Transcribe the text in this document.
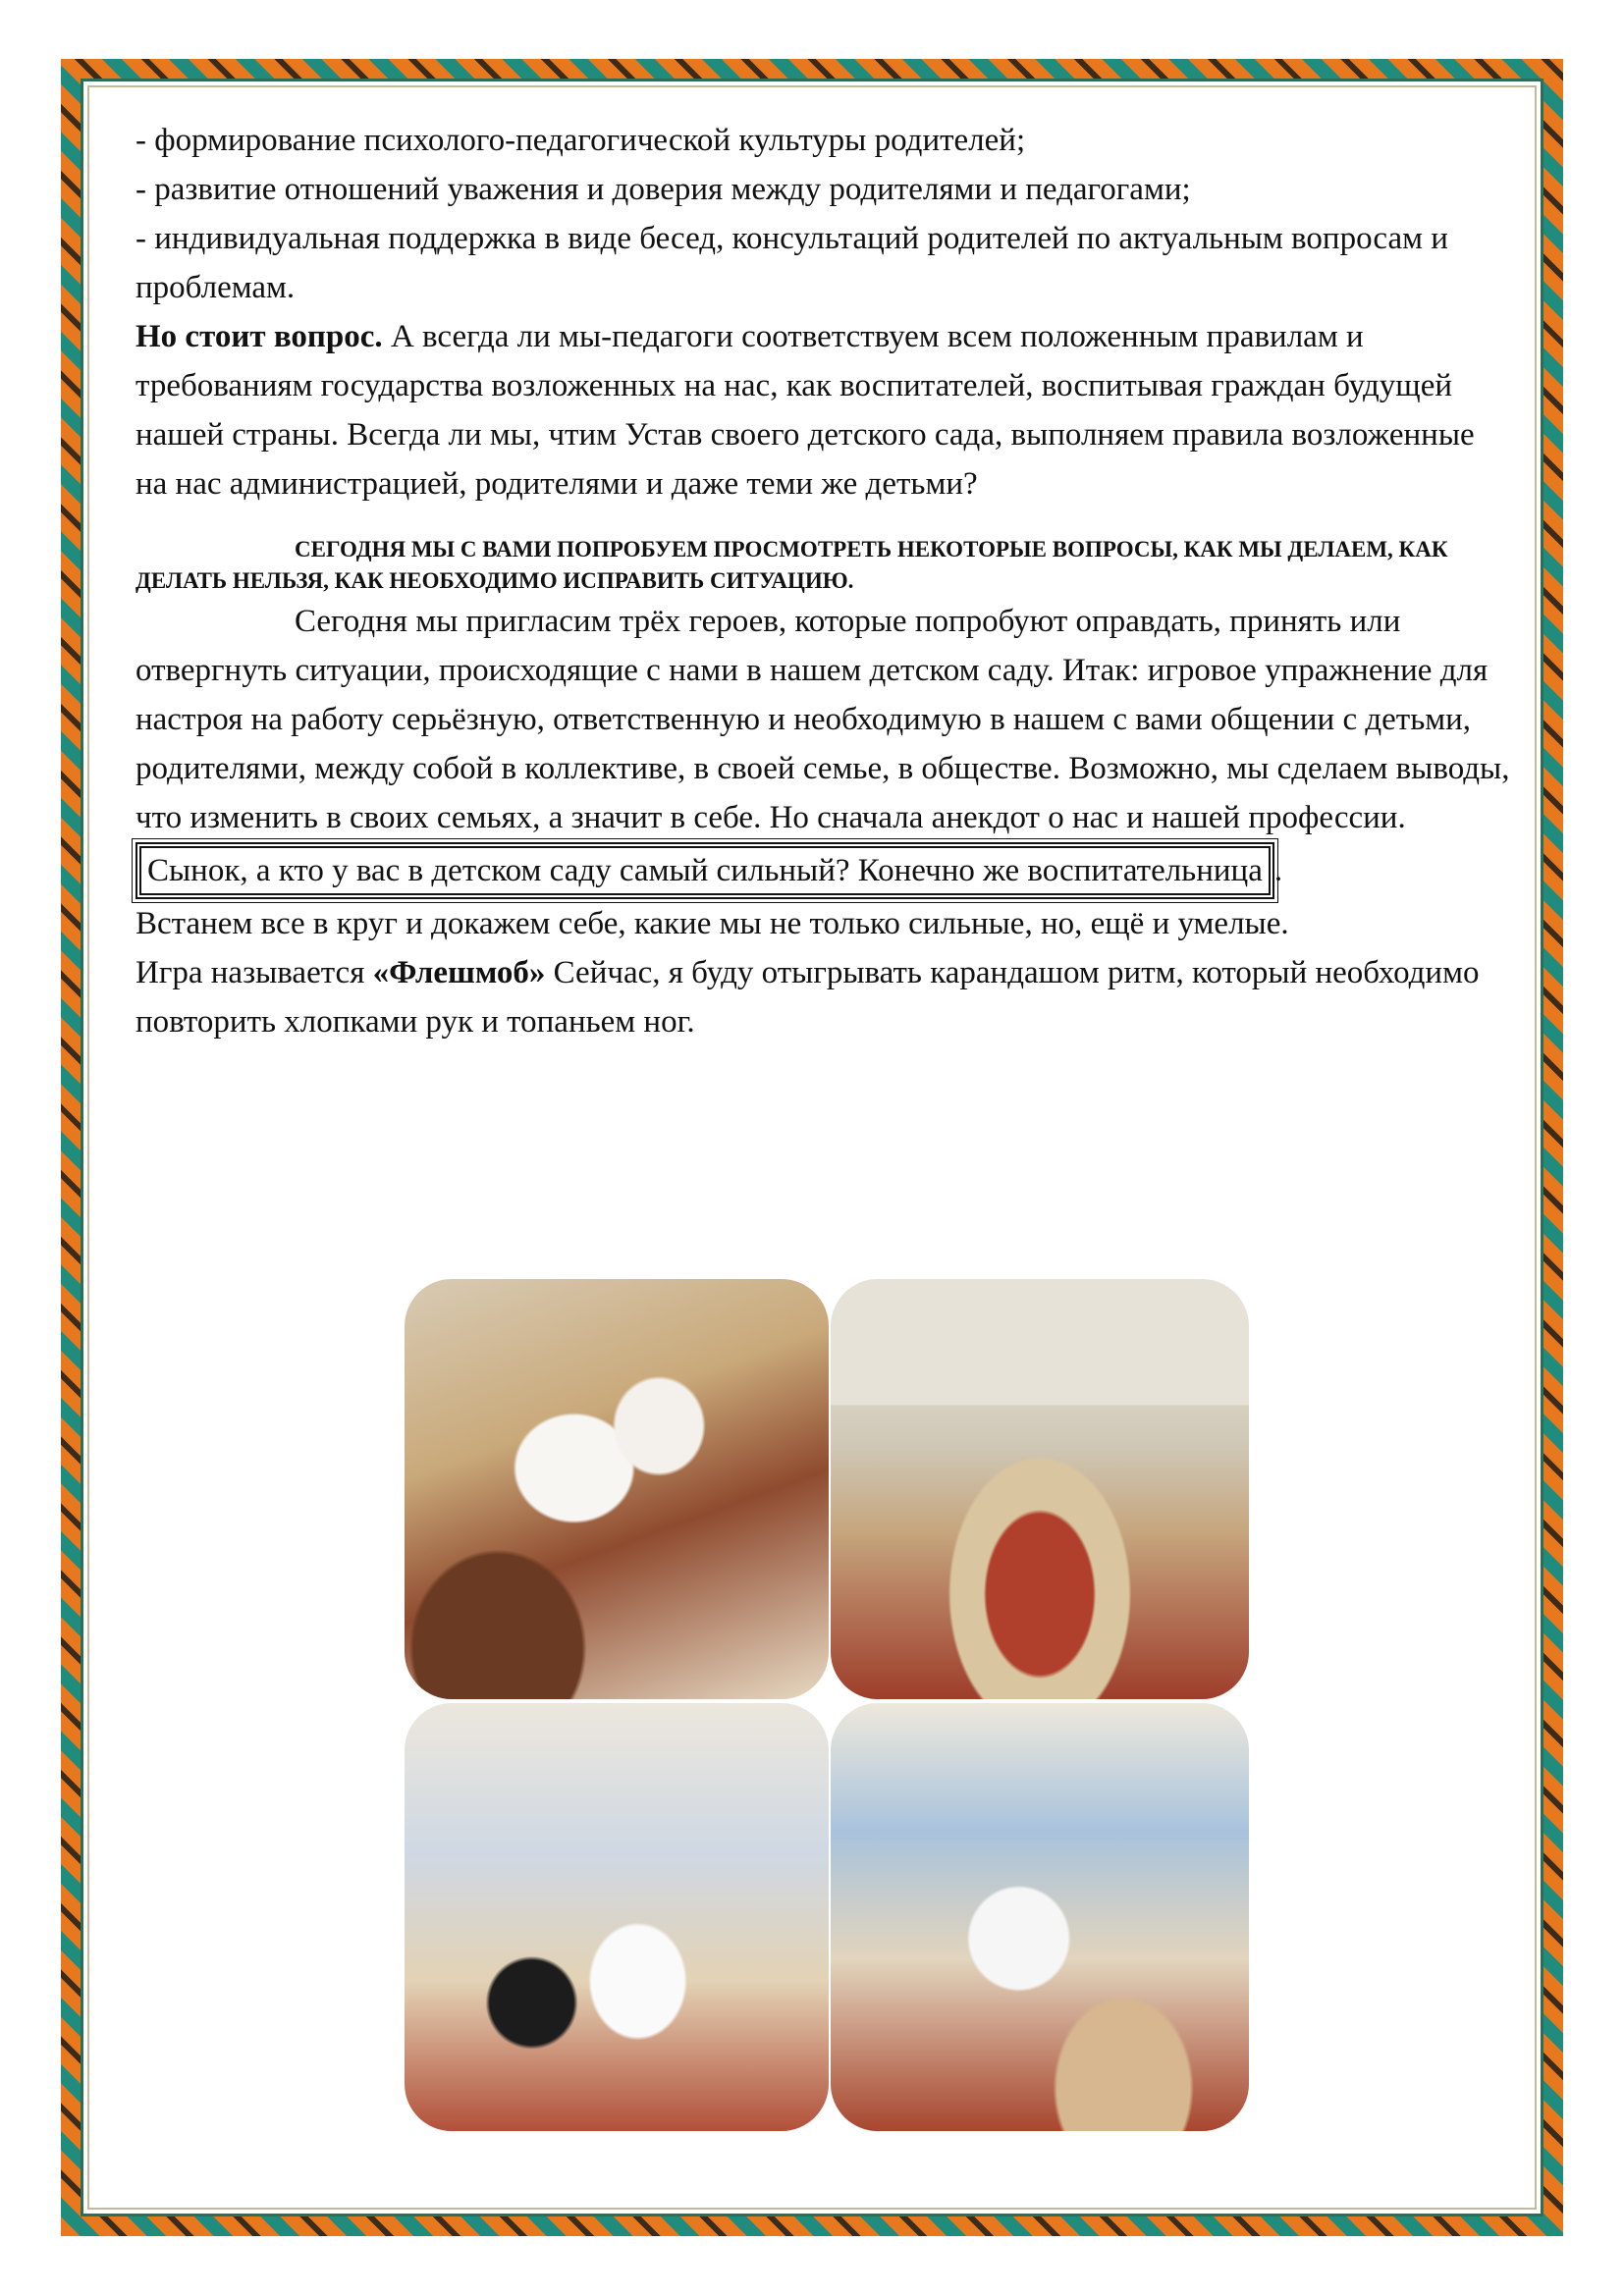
- формирование психолого-педагогической культуры родителей;

- развитие отношений уважения и доверия между родителями и педагогами;

- индивидуальная поддержка в виде бесед, консультаций родителей по актуальным вопросам и проблемам.

Но стоит вопрос. А всегда ли мы-педагоги соответствуем всем положенным правилам и требованиям государства возложенных на нас, как воспитателей, воспитывая граждан будущей нашей страны. Всегда ли мы, чтим Устав своего детского сада, выполняем правила возложенные на нас администрацией, родителями и даже теми же детьми?

СЕГОДНЯ МЫ С ВАМИ ПОПРОБУЕМ ПРОСМОТРЕТЬ НЕКОТОРЫЕ ВОПРОСЫ, КАК МЫ ДЕЛАЕМ, КАК ДЕЛАТЬ НЕЛЬЗЯ, КАК НЕОБХОДИМО ИСПРАВИТЬ СИТУАЦИЮ.

Сегодня мы пригласим трёх героев, которые попробуют оправдать, принять или отвергнуть ситуации, происходящие с нами в нашем детском саду. Итак: игровое упражнение для настроя на работу серьёзную, ответственную и необходимую в нашем с вами общении с детьми, родителями, между собой в коллективе, в своей семье, в обществе. Возможно, мы сделаем выводы, что изменить в своих семьях, а значит в себе. Но сначала анекдот о нас и нашей профессии.

Сынок, а кто у вас в детском саду самый сильный? Конечно же воспитательница .

Встанем все в круг и докажем себе, какие мы не только сильные, но, ещё и умелые.

Игра называется «Флешмоб» Сейчас, я буду отыгрывать карандашом ритм, который необходимо повторить хлопками рук и топаньем ног.
